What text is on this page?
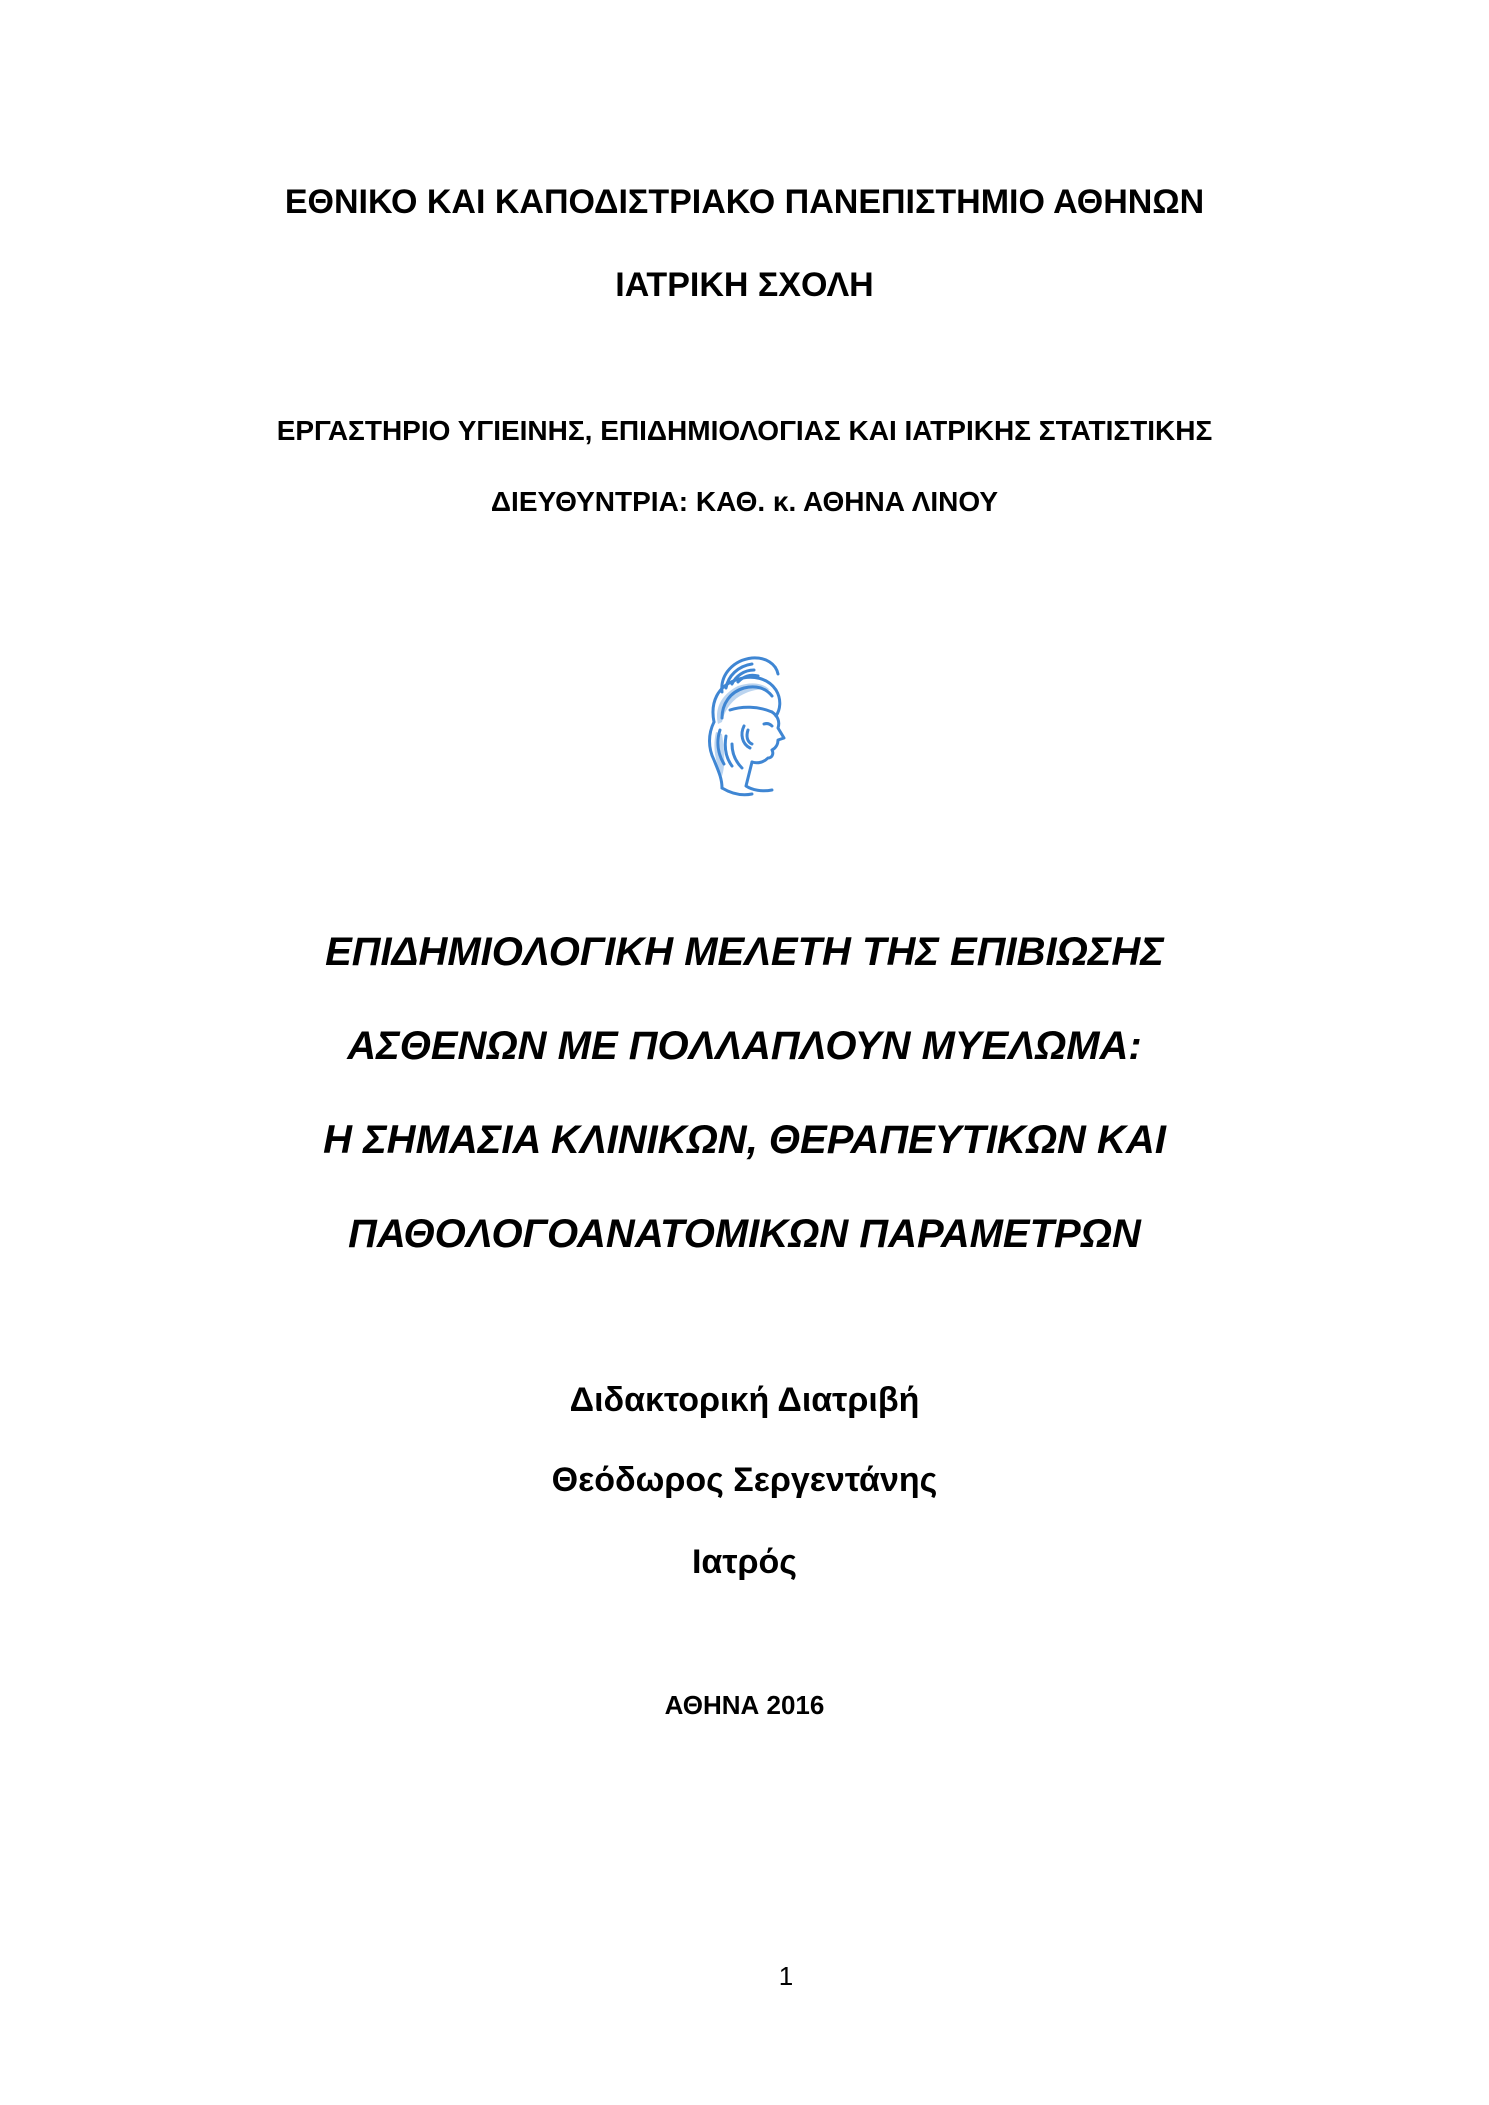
ΕΘΝΙΚΟ ΚΑΙ ΚΑΠΟΔΙΣΤΡΙΑΚΟ ΠΑΝΕΠΙΣΤΗΜΙΟ ΑΘΗΝΩΝ
ΙΑΤΡΙΚΗ ΣΧΟΛΗ
ΕΡΓΑΣΤΗΡΙΟ ΥΓΙΕΙΝΗΣ, ΕΠΙΔΗΜΙΟΛΟΓΙΑΣ ΚΑΙ ΙΑΤΡΙΚΗΣ ΣΤΑΤΙΣΤΙΚΗΣ
ΔΙΕΥΘΥΝΤΡΙΑ: ΚΑΘ. κ. ΑΘΗΝΑ ΛΙΝΟΥ
ΕΠΙΔΗΜΙΟΛΟΓΙΚΗ ΜΕΛΕΤΗ ΤΗΣ ΕΠΙΒΙΩΣΗΣ
ΑΣΘΕΝΩΝ ΜΕ ΠΟΛΛΑΠΛΟΥΝ ΜΥΕΛΩΜΑ:
Η ΣΗΜΑΣΙΑ ΚΛΙΝΙΚΩΝ, ΘΕΡΑΠΕΥΤΙΚΩΝ ΚΑΙ
ΠΑΘΟΛΟΓΟΑΝΑΤΟΜΙΚΩΝ ΠΑΡΑΜΕΤΡΩΝ
Διδακτορική Διατριβή
Θεόδωρος Σεργεντάνης
Ιατρός
ΑΘΗΝΑ 2016
1
